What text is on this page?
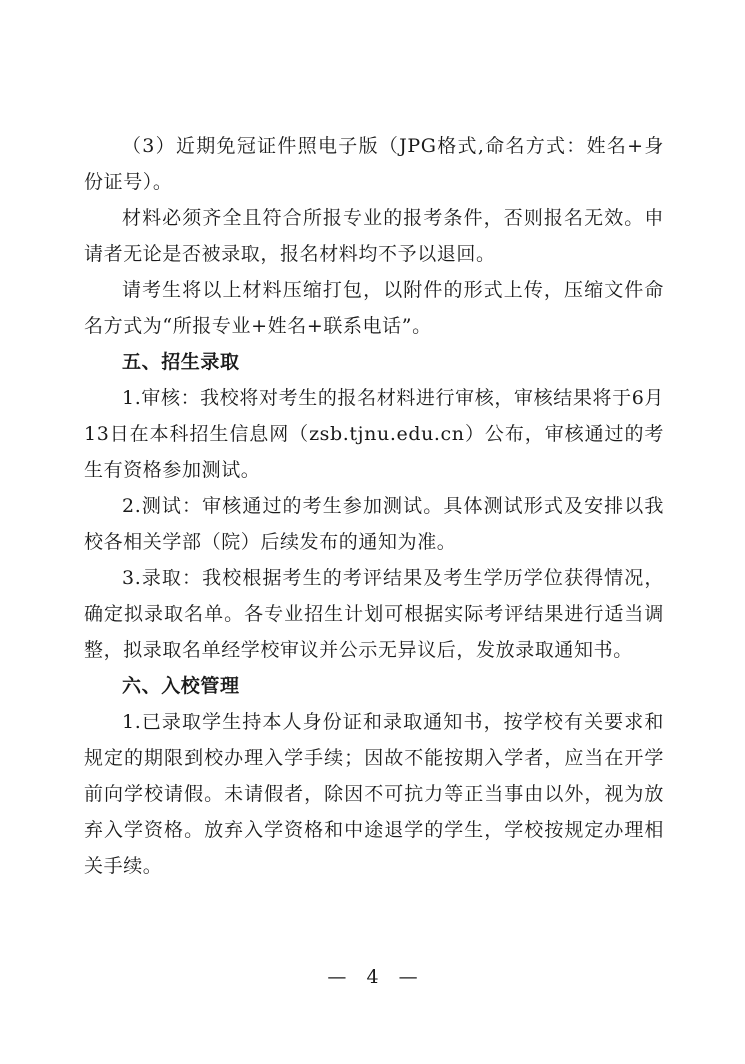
（3）近期免冠证件照电子版（JPG格式,命名方式：姓名+身份证号）。

材料必须齐全且符合所报专业的报考条件，否则报名无效。申请者无论是否被录取，报名材料均不予以退回。

请考生将以上材料压缩打包，以附件的形式上传，压缩文件命名方式为“所报专业+姓名+联系电话”。

五、招生录取

1.审核：我校将对考生的报名材料进行审核，审核结果将于6月13日在本科招生信息网（zsb.tjnu.edu.cn）公布，审核通过的考生有资格参加测试。

2.测试：审核通过的考生参加测试。具体测试形式及安排以我校各相关学部（院）后续发布的通知为准。

3.录取：我校根据考生的考评结果及考生学历学位获得情况，确定拟录取名单。各专业招生计划可根据实际考评结果进行适当调整，拟录取名单经学校审议并公示无异议后，发放录取通知书。

六、入校管理

1.已录取学生持本人身份证和录取通知书，按学校有关要求和规定的期限到校办理入学手续；因故不能按期入学者，应当在开学前向学校请假。未请假者，除因不可抗力等正当事由以外，视为放弃入学资格。放弃入学资格和中途退学的学生，学校按规定办理相关手续。

— 4 —
